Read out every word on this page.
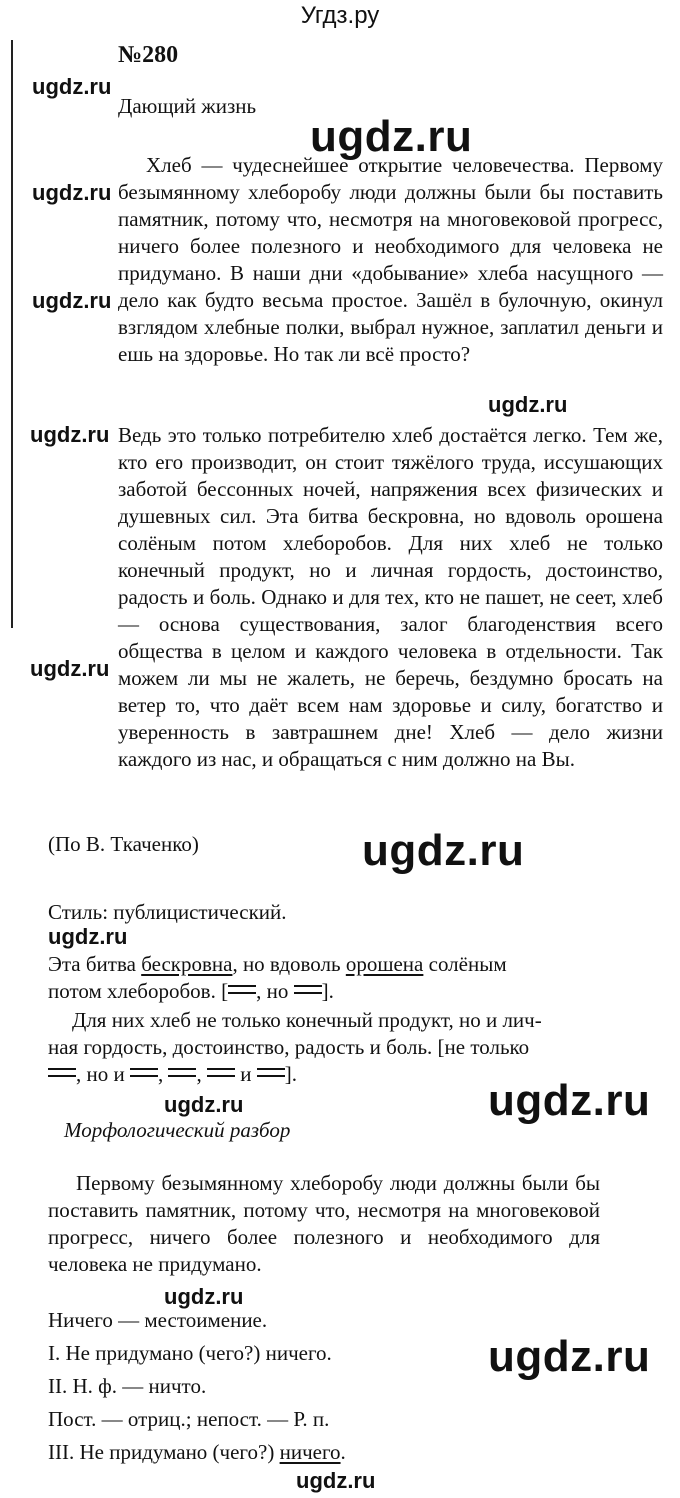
Угдз.ру
ugdz.ru
№280
Дающий жизнь
ugdz.ru
ugdz.ru
ugdz.ru
ugdz.ru
ugdz.ru

Хлеб — чудеснейшее открытие человечества. Первому безымянному хлеборобу люди должны были бы поставить памятник, потому что, несмотря на многовековой прогресс, ничего более полезного и необходимого для человека не придумано. В наши дни «добывание» хлеба насущного — дело как будто весьма простое. Зашёл в булочную, окинул взглядом хлебные полки, выбрал нужное, заплатил деньги и ешь на здоровье. Но так ли всё просто?

Ведь это только потребителю хлеб достаётся легко. Тем же, кто его производит, он стоит тяжёлого труда, иссушающих заботой бессонных ночей, напряжения всех физических и душевных сил. Эта битва бескровна, но вдоволь орошена солёным потом хлеборобов. Для них хлеб не только конечный продукт, но и личная гордость, достоинство, радость и боль. Однако и для тех, кто не пашет, не сеет, хлеб — основа существования, залог благоденствия всего общества в целом и каждого человека в отдельности. Так можем ли мы не жалеть, не беречь, бездумно бросать на ветер то, что даёт всем нам здоровье и силу, богатство и уверенность в завтрашнем дне! Хлеб — дело жизни каждого из нас, и обращаться с ним должно на Вы.

ugdz.ru
ugdz.ru
(По В. Ткаченко)
Стиль: публицистический.
ugdz.ru
Эта битва бескровна, но вдоволь орошена солёным
потом хлеборобов. [ , но ].
Для них хлеб не только конечный продукт, но и лич-
ная гордость, достоинство, радость и боль. [не только
, но и , ,  и ].
ugdz.ru	ugdz.ru
Морфологический разбор

Первому безымянному хлеборобу люди должны были бы поставить памятник, потому что, несмотря на многовековой прогресс, ничего более полезного и необходимого для человека не придумано.

ugdz.ru
ugdz.ru
Ничего — местоимение.
I. Не придумано (чего?) ничего.
II. Н. ф. — ничто.
Пост. — отриц.; непост. — Р. п.
III. Не придумано (чего?) ничего.
ugdz.ru
